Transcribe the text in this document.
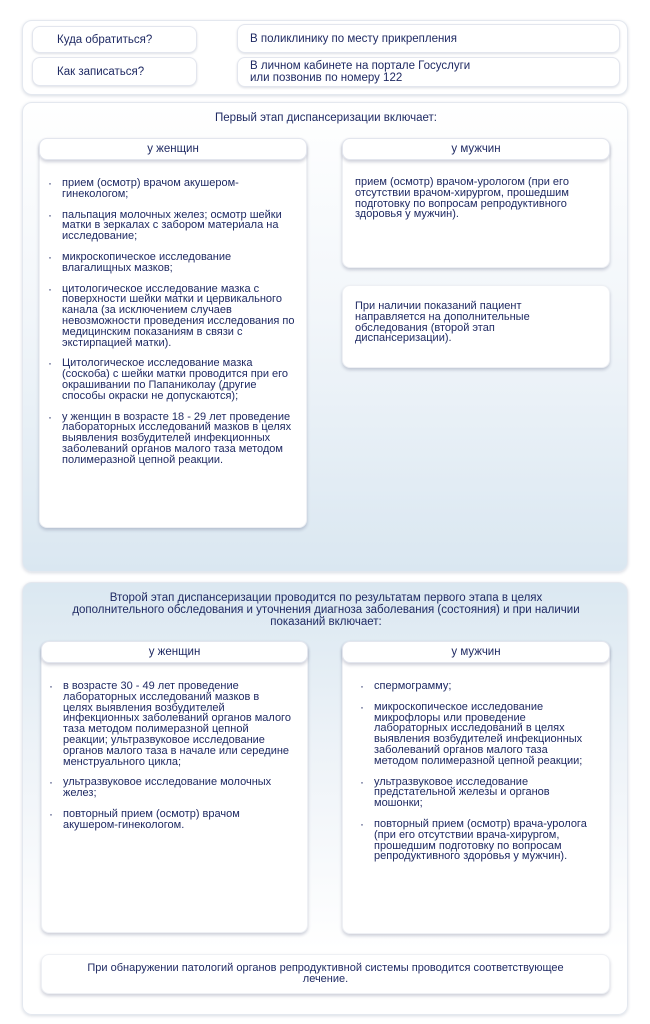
Куда обратиться?	В поликлинику по месту прикрепления
Как записаться?	В личном кабинете на портале Госуслуги
или позвонив по номеру 122
Первый этап диспансеризации включает:
у женщин
· прием (осмотр) врачом акушером-гинекологом;
· пальпация молочных желез; осмотр шейки матки в зеркалах с забором материала на исследование;
· микроскопическое исследование влагалищных мазков;
· цитологическое исследование мазка с поверхности шейки матки и цервикального канала (за исключением случаев невозможности проведения исследования по медицинским показаниям в связи с экстирпацией матки).
· Цитологическое исследование мазка (соскоба) с шейки матки проводится при его окрашивании по Папаниколау (другие способы окраски не допускаются);
· у женщин в возрасте 18 - 29 лет проведение лабораторных исследований мазков в целях выявления возбудителей инфекционных заболеваний органов малого таза методом полимеразной цепной реакции.
у мужчин
прием (осмотр) врачом-урологом (при его отсутствии врачом-хирургом, прошедшим подготовку по вопросам репродуктивного здоровья у мужчин).
При наличии показаний пациент направляется на дополнительные обследования (второй этап диспансеризации).
Второй этап диспансеризации проводится по результатам первого этапа в целях дополнительного обследования и уточнения диагноза заболевания (состояния) и при наличии показаний включает:
у женщин
· в возрасте 30 - 49 лет проведение лабораторных исследований мазков в целях выявления возбудителей инфекционных заболеваний органов малого таза методом полимеразной цепной реакции; ультразвуковое исследование органов малого таза в начале или середине менструального цикла;
· ультразвуковое исследование молочных желез;
· повторный прием (осмотр) врачом акушером-гинекологом.
у мужчин
· спермограмму;
· микроскопическое исследование микрофлоры или проведение лабораторных исследований в целях выявления возбудителей инфекционных заболеваний органов малого таза методом полимеразной цепной реакции;
· ультразвуковое исследование предстательной железы и органов мошонки;
· повторный прием (осмотр) врача-уролога (при его отсутствии врача-хирургом, прошедшим подготовку по вопросам репродуктивного здоровья у мужчин).
При обнаружении патологий органов репродуктивной системы проводится соответствующее лечение.
